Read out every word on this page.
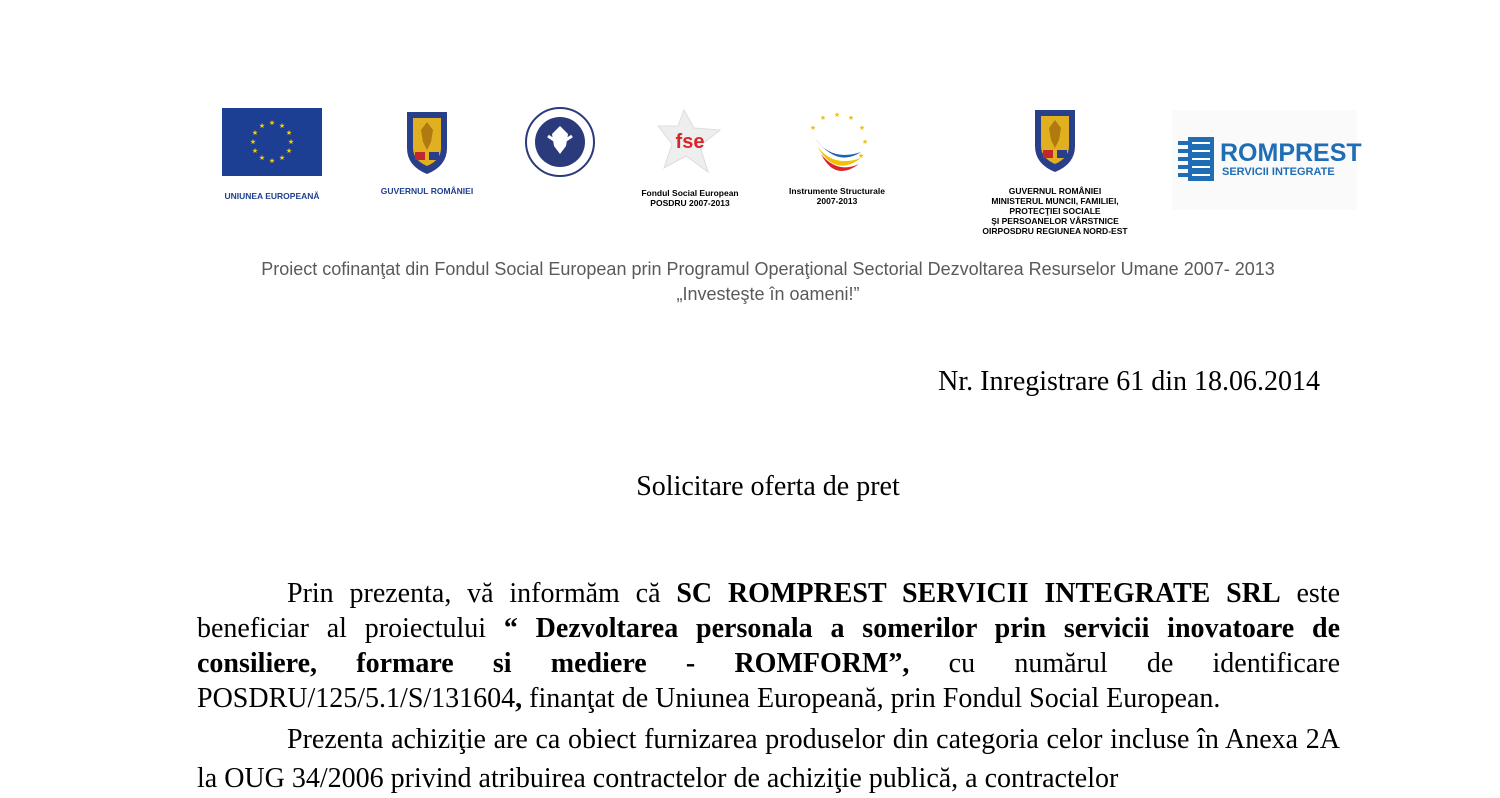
★ ★
★
★
★
★
★
★
★
★
★
★
UNIUNEA EUROPEANĂ	GUVERNUL ROMÂNIEI
fse
Fondul Social European
POSDRU 2007-2013
★ ★
★
★
★
★
★
Instrumente Structurale
2007-2013
GUVERNUL ROMÂNIEI
MINISTERUL MUNCII, FAMILIEI,
PROTECŢIEI SOCIALE
ŞI PERSOANELOR VÂRSTNICE
OIRPOSDRU REGIUNEA NORD-EST
ROMPREST
SERVICII INTEGRATE
Proiect cofinanţat din Fondul Social European prin Programul Operaţional Sectorial Dezvoltarea Resurselor Umane 2007- 2013
„Investeşte în oameni!”
Nr. Inregistrare 61 din 18.06.2014
Solicitare oferta de pret

Prin prezenta, vă informăm că SC ROMPREST SERVICII INTEGRATE SRL este beneficiar al proiectului “ Dezvoltarea personala a somerilor prin servicii inovatoare de consiliere, formare si mediere - ROMFORM”, cu numărul de identificare POSDRU/125/5.1/S/131604, finanţat de Uniunea Europeană, prin Fondul Social European.

Prezenta achiziţie are ca obiect furnizarea produselor din categoria celor incluse în Anexa 2A la OUG 34/2006 privind atribuirea contractelor de achiziţie publică, a contractelor
